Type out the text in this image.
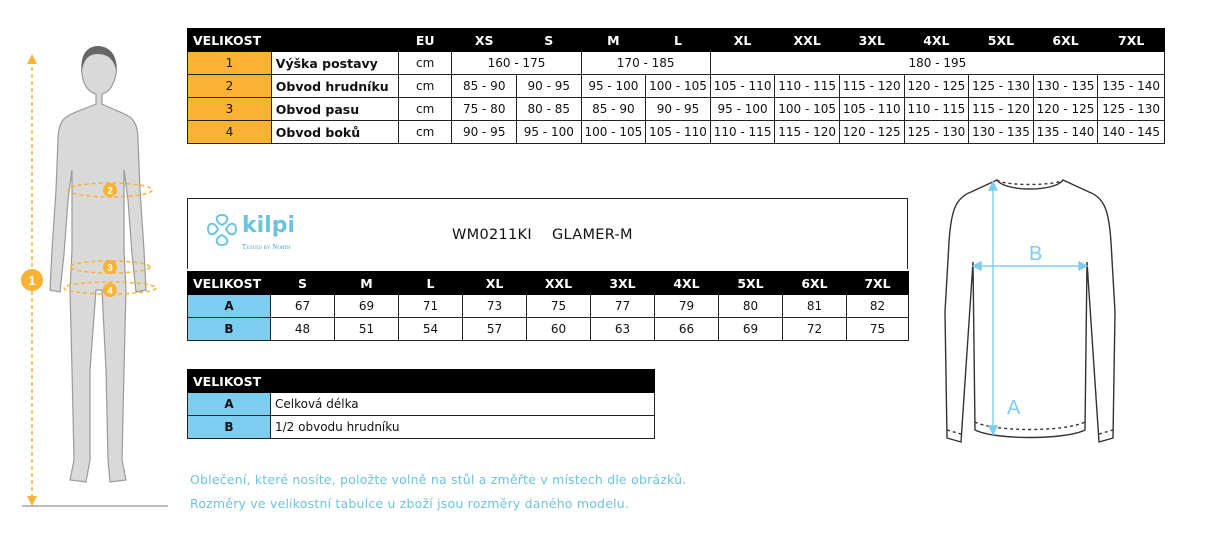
1
2
3
4
VELIKOST		EU	XS	S	M	L	XL	XXL	3XL	4XL	5XL	6XL	7XL
1	Výška postavy	cm	160 - 175		170 - 185		180 - 195						
2	Obvod hrudníku	cm	85 - 90	90 - 95	95 - 100	100 - 105	105 - 110	110 - 115	115 - 120	120 - 125	125 - 130	130 - 135	135 - 140
3	Obvod pasu	cm	75 - 80	80 - 85	85 - 90	90 - 95	95 - 100	100 - 105	105 - 110	110 - 115	115 - 120	120 - 125	125 - 130
4	Obvod boků	cm	90 - 95	95 - 100	100 - 105	105 - 110	110 - 115	115 - 120	120 - 125	125 - 130	130 - 135	135 - 140	140 - 145
kilpi
Tested by North
WM0211KI GLAMER-M
VELIKOST	S	M	L	XL	XXL	3XL	4XL	5XL	6XL	7XL
A	67	69	71	73	75	77	79	80	81	82
B	48	51	54	57	60	63	66	69	72	75
VELIKOST	
A	Celková délka
B	1/2 obvodu hrudníku
Oblečení, které nosíte, položte volně na stůl a změřte v místech dle obrázků.
Rozměry ve velikostní tabulce u zboží jsou rozměry daného modelu.
A
B
